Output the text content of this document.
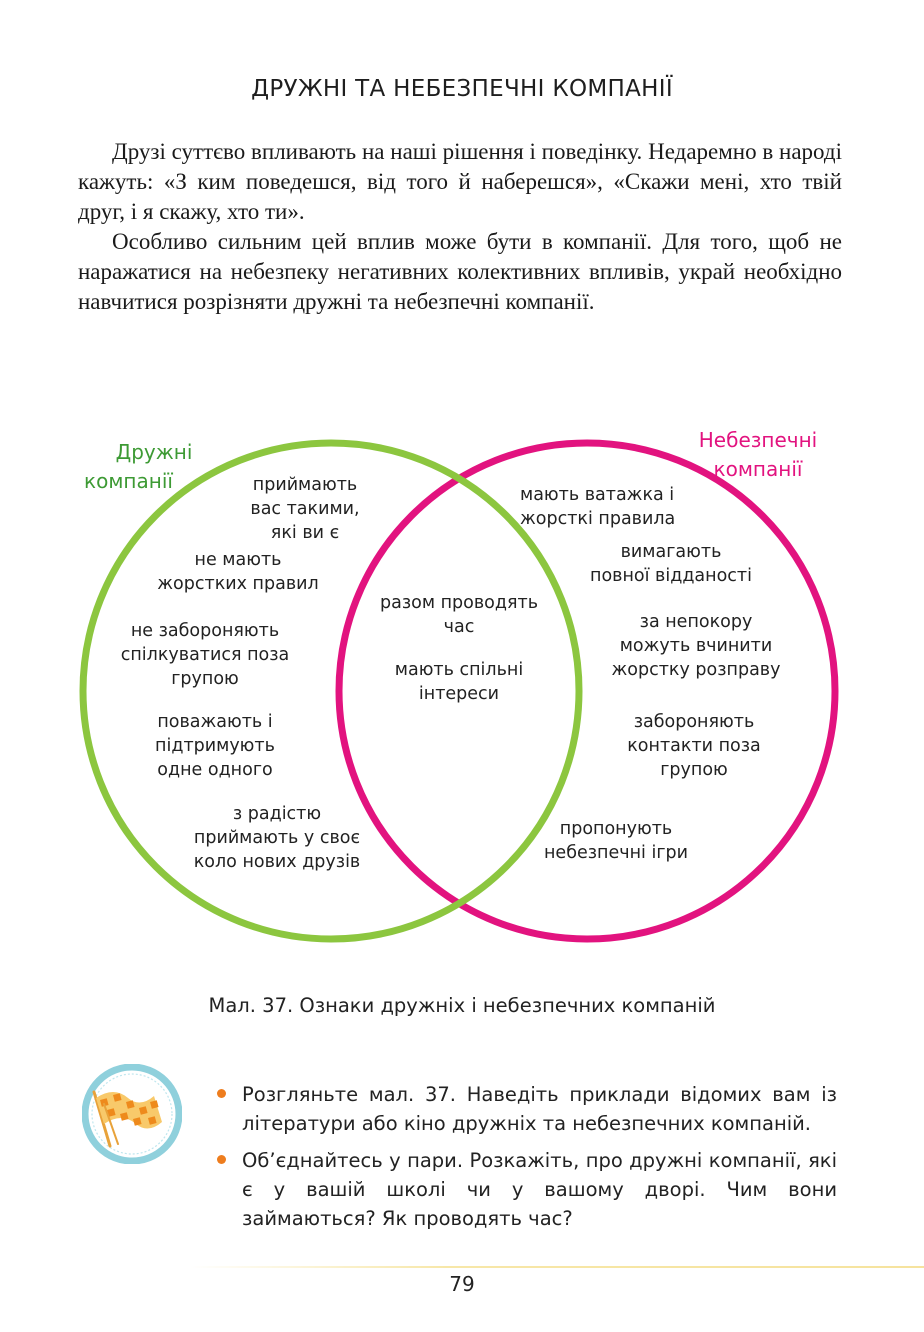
ДРУЖНІ ТА НЕБЕЗПЕЧНІ КОМПАНІЇ

Друзі суттєво впливають на наші рішення і поведінку. Недаремно в народі кажуть: «З ким поведешся, від того й наберешся», «Скажи мені, хто твій друг, і я скажу, хто ти».

Особливо сильним цей вплив може бути в компанії. Для того, щоб не наражатися на небезпеку негативних колективних впливів, украй необхідно навчитися розрізняти дружні та небезпечні компанії.

Дружні
компанії
Небезпечні
компанії
приймають
вас такими,
які ви є
не мають
жорстких правил
не забороняють
спілкуватися поза
групою
поважають і
підтримують
одне одного
з радістю
приймають у своє
коло нових друзів
разом проводять
час
мають спільні
інтереси
мають ватажка і
жорсткі правила
вимагають
повної відданості
за непокору
можуть вчинити
жорстку розправу
забороняють
контакти поза
групою
пропонують
небезпечні ігри
Мал. 37. Ознаки дружніх і небезпечних компаній
Розгляньте мал. 37. Наведіть приклади відомих вам із літератури або кіно дружніх та небезпечних компаній.
Об’єднайтесь у пари. Розкажіть, про дружні компанії, які є у вашій школі чи у вашому дворі. Чим вони займаються? Як проводять час?
79
